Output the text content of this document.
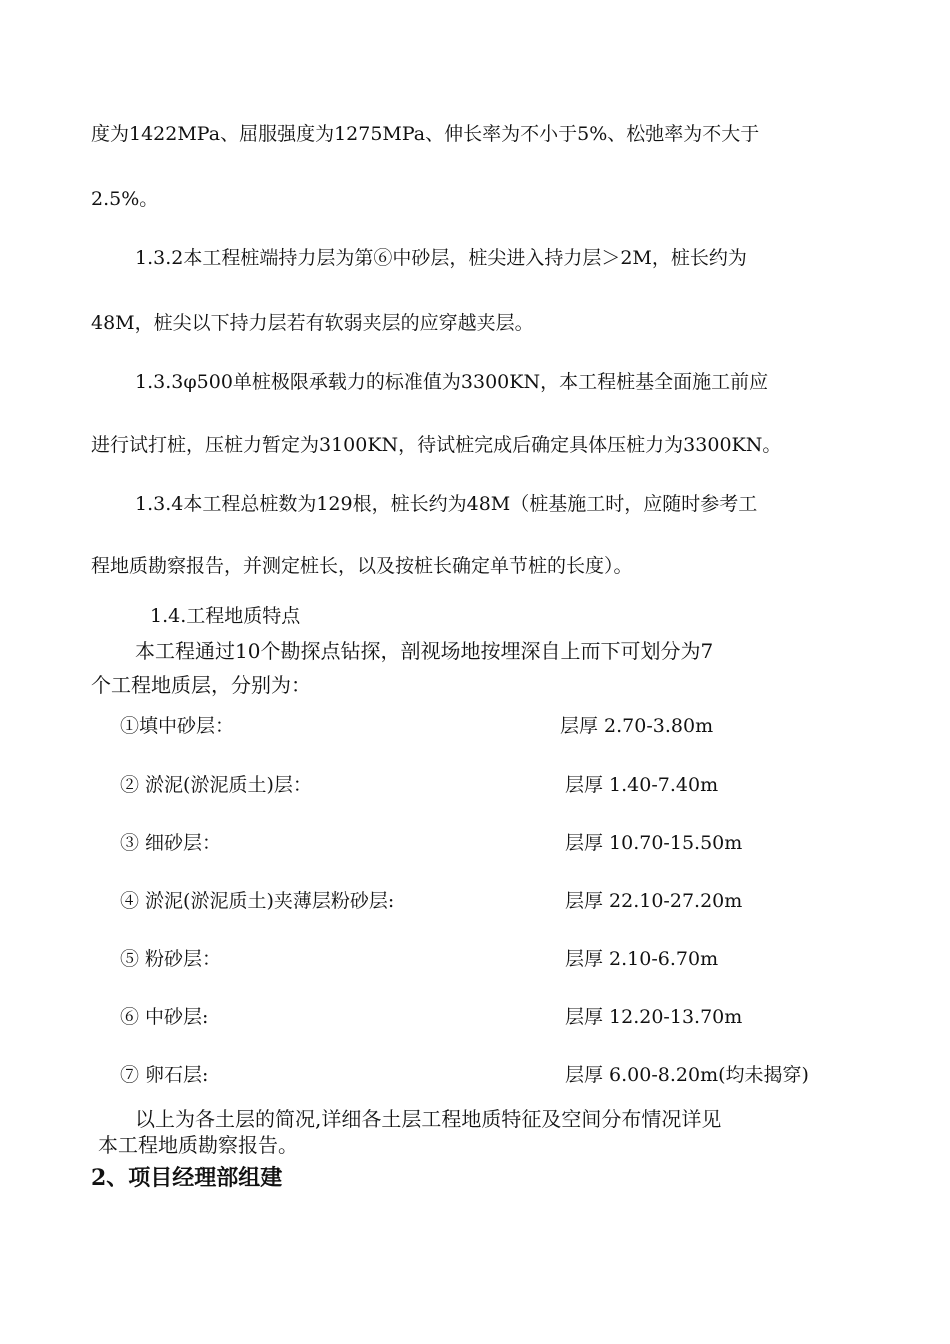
度为1422MPa、屈服强度为1275MPa、伸长率为不小于5%、松弛率为不大于
2.5%。
1.3.2本工程桩端持力层为第⑥中砂层，桩尖进入持力层＞2M，桩长约为
48M，桩尖以下持力层若有软弱夹层的应穿越夹层。
1.3.3φ500单桩极限承载力的标准值为3300KN，本工程桩基全面施工前应
进行试打桩，压桩力暂定为3100KN，待试桩完成后确定具体压桩力为3300KN。
1.3.4本工程总桩数为129根，桩长约为48M（桩基施工时，应随时参考工
程地质勘察报告，并测定桩长，以及按桩长确定单节桩的长度）。
1.4.工程地质特点
本工程通过10个勘探点钻探，剖视场地按埋深自上而下可划分为7
个工程地质层，分别为：
①填中砂层：	层厚 2.70-3.80m
② 淤泥(淤泥质土)层：	层厚 1.40-7.40m
③ 细砂层：	层厚 10.70-15.50m
④ 淤泥(淤泥质土)夹薄层粉砂层:	层厚 22.10-27.20m
⑤ 粉砂层：	层厚 2.10-6.70m
⑥ 中砂层:	层厚 12.20-13.70m
⑦ 卵石层:	层厚 6.00-8.20m(均未揭穿)
以上为各土层的简况,详细各土层工程地质特征及空间分布情况详见
本工程地质勘察报告。
2、项目经理部组建
